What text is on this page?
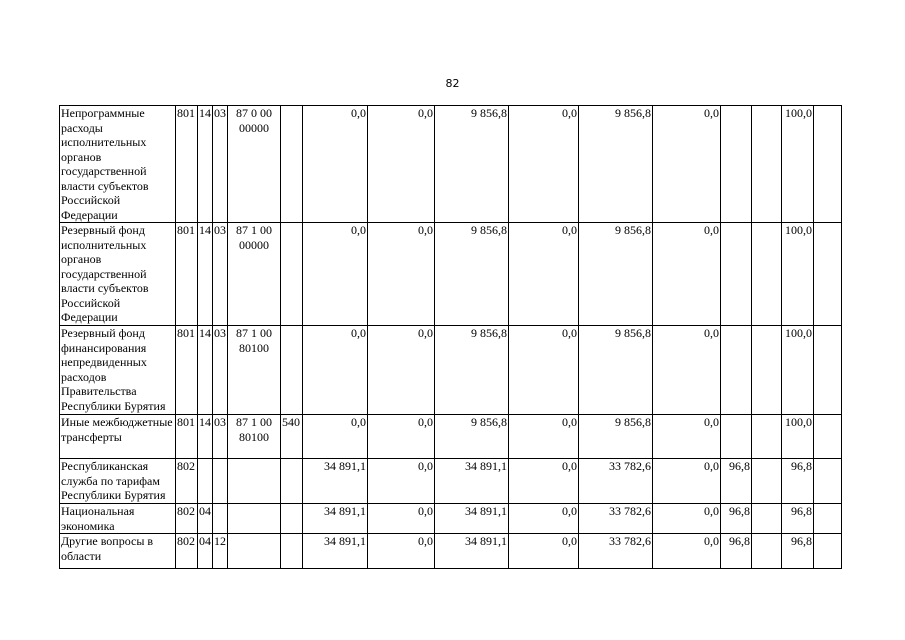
82
Непрограммные расходы исполнительных органов государственной власти субъектов Российской Федерации	801	14	03	87 0 00 00000		0,0	0,0	9 856,8	0,0	9 856,8	0,0			100,0	
Резервный фонд исполнительных органов государственной власти субъектов Российской Федерации	801	14	03	87 1 00 00000		0,0	0,0	9 856,8	0,0	9 856,8	0,0			100,0	
Резервный фонд финансирования непредвиденных расходов Правительства Республики Бурятия	801	14	03	87 1 00 80100		0,0	0,0	9 856,8	0,0	9 856,8	0,0			100,0	
Иные межбюджетные трансферты	801	14	03	87 1 00 80100	540	0,0	0,0	9 856,8	0,0	9 856,8	0,0			100,0	
Республиканская служба по тарифам Республики Бурятия	802					34 891,1	0,0	34 891,1	0,0	33 782,6	0,0	96,8		96,8	
Национальная экономика	802	04				34 891,1	0,0	34 891,1	0,0	33 782,6	0,0	96,8		96,8	
Другие вопросы в области	802	04	12			34 891,1	0,0	34 891,1	0,0	33 782,6	0,0	96,8		96,8	
